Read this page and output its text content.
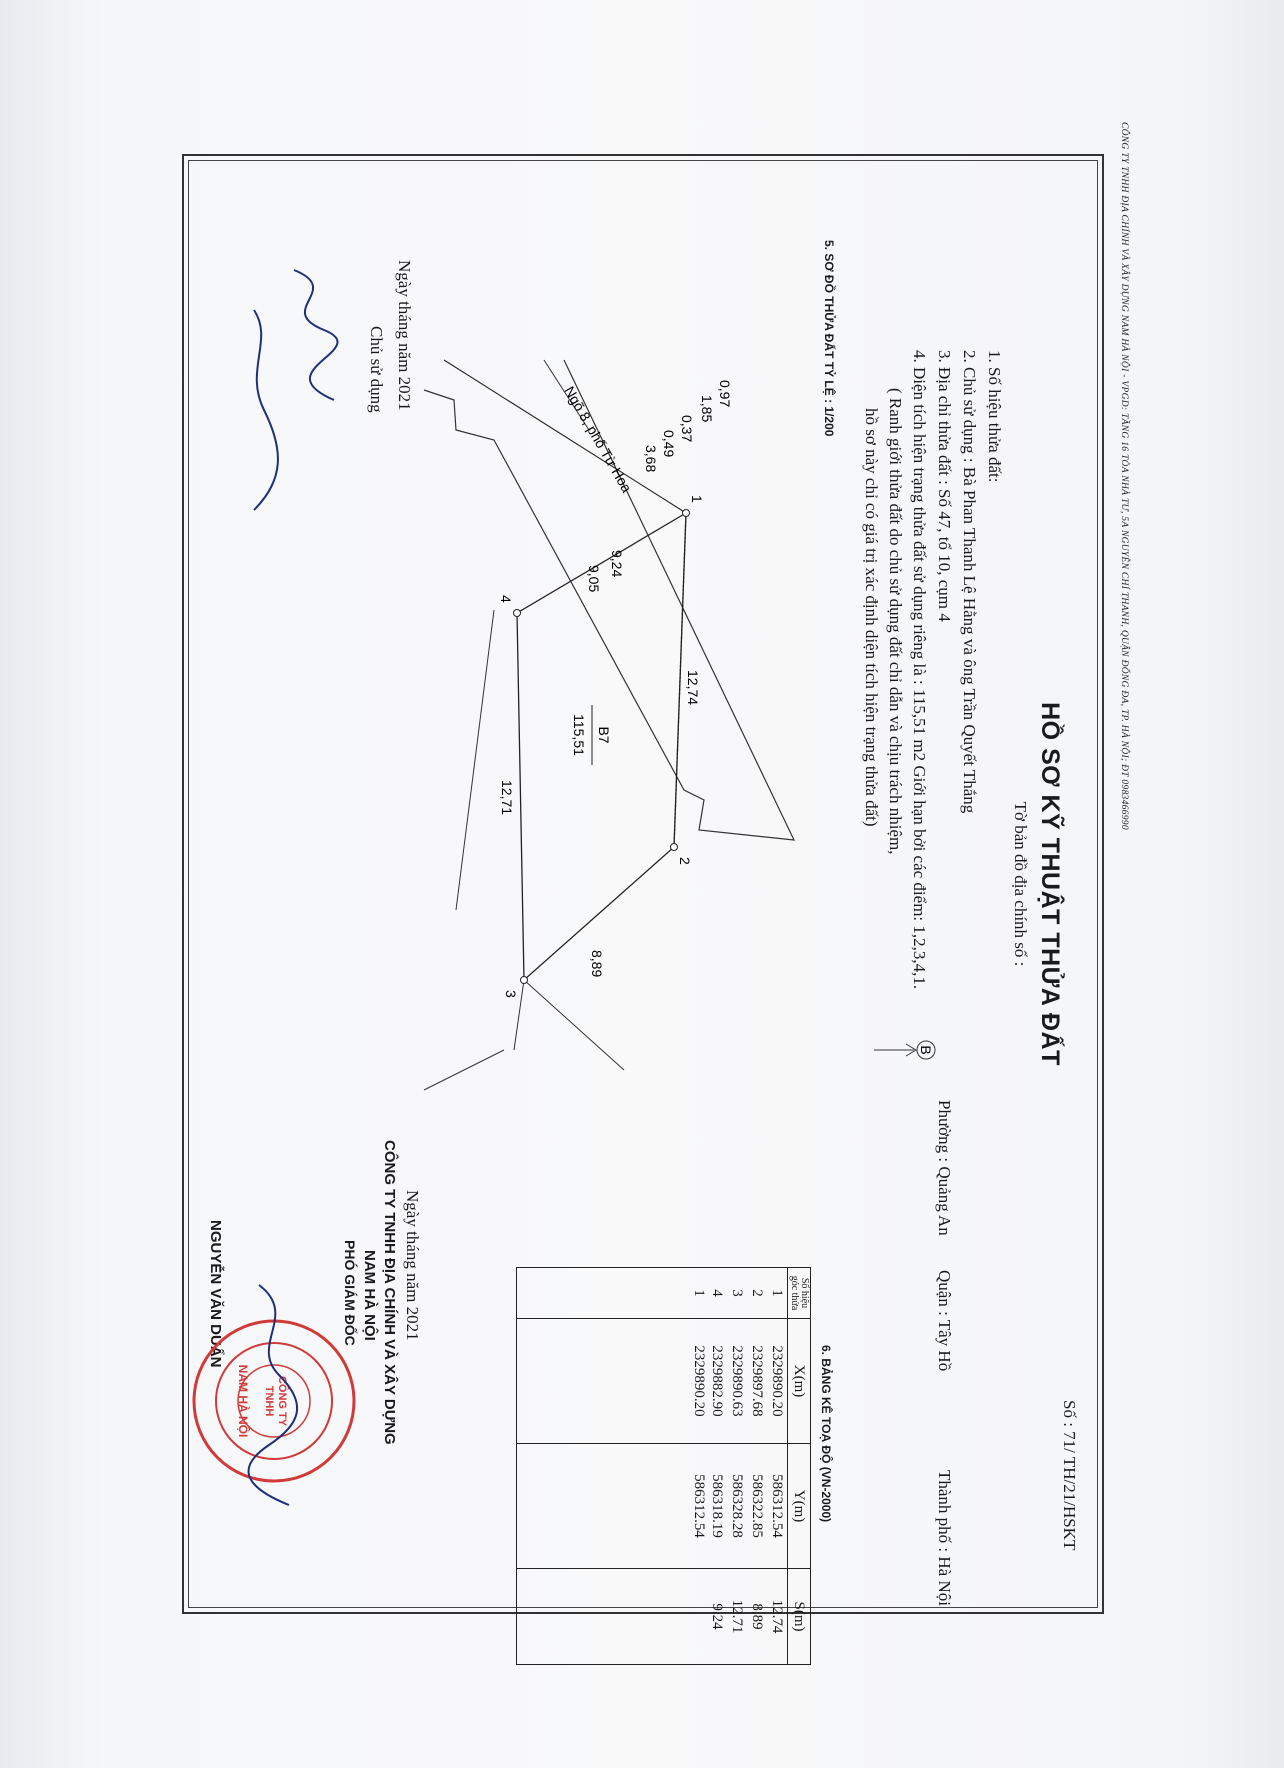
CÔNG TY TNHH ĐỊA CHÍNH VÀ XÂY DỰNG NAM HÀ NỘI - VPGD: TẦNG 16 TÒA NHÀ TƯ, 5A NGUYỄN CHÍ THANH, QUẬN ĐỐNG ĐA, TP. HÀ NỘI; ĐT 0983466990
HỒ SƠ KỸ THUẬT THỬA ĐẤT
Số : 71/ TH/21/HSKT
Tờ bản đồ địa chính số :
1. Số hiệu thửa đất:
2. Chủ sử dụng : Bà Phan Thanh Lệ Hằng và ông Trần Quyết Thắng
3. Địa chỉ thửa đất : Số 47, tổ 10, cụm 4
4. Diện tích hiện trạng thửa đất sử dụng riêng là : 115,51 m2 Giới hạn bởi các điểm: 1,2,3,4,1.
( Ranh giới thửa đất do chủ sử dụng đất chỉ dẫn và chịu trách nhiệm,
hồ sơ này chỉ có giá trị xác định diện tích hiện trạng thửa đất)
Phường : Quảng An
Quận : Tây Hồ
Thành phố : Hà Nội
5. SƠ ĐỒ THỬA ĐẤT TỶ LỆ : 1/200
B
1
2
3
4
12,74
8,89
12,71
9,24
9,05
3,68
0,49
0,37
0,97
1,85
Ngõ 8, phố Từ Hoa
B7
115,51
6. BẢNG KÊ TOẠ ĐỘ (VN-2000)
Số hiệu
góc thửa	X(m)	Y(m)	S(m)
1	2329890.20	586312.54	12.74
2	2329897.68	586322.85	8.89
3	2329890.63	586328.28	12.71
4	2329882.90	586318.19	9.24
1	2329890.20	586312.54	
Ngày tháng năm 2021
Chủ sử dụng
Ngày tháng năm 2021
CÔNG TY TNHH ĐỊA CHÍNH VÀ XÂY DỰNG
NAM HÀ NỘI
PHÓ GIÁM ĐỐC
NGUYỄN VĂN DUẨN
CÔNG TY
TNHH
NAM HÀ NỘI
